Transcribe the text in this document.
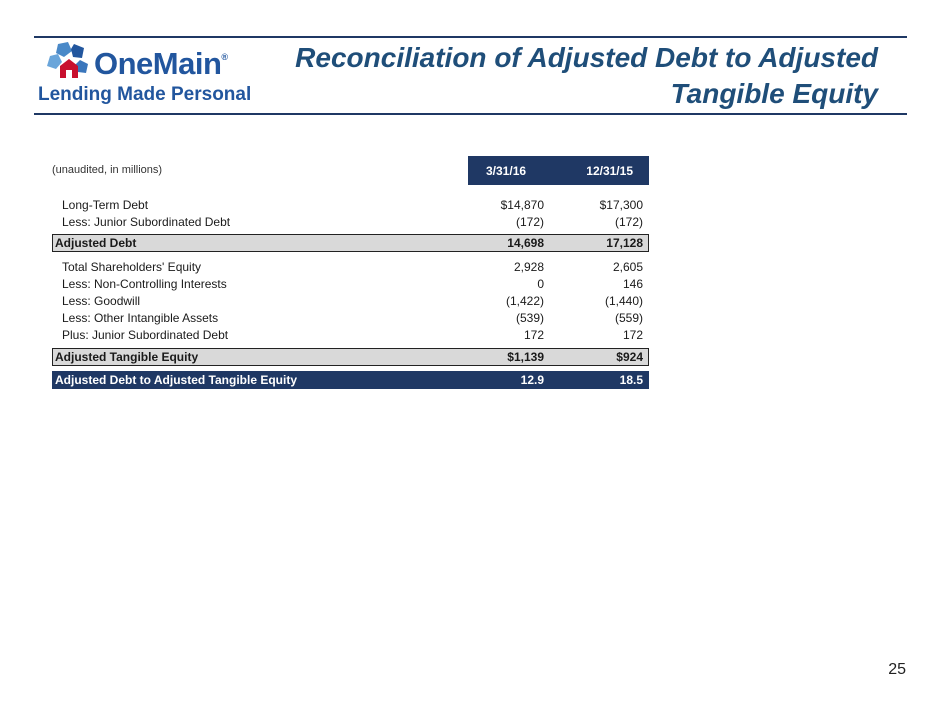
OneMain®
Lending Made Personal
Reconciliation of Adjusted Debt to Adjusted Tangible Equity
(unaudited, in millions)	3/31/16	12/31/15
Long-Term Debt	$14,870	$17,300
Less: Junior Subordinated Debt	(172)	(172)
Adjusted Debt	14,698	17,128
Total Shareholders' Equity	2,928	2,605
Less: Non-Controlling Interests	0	146
Less: Goodwill	(1,422)	(1,440)
Less: Other Intangible Assets	(539)	(559)
Plus: Junior Subordinated Debt	172	172
Adjusted Tangible Equity	$1,139	$924
Adjusted Debt to Adjusted Tangible Equity	12.9	18.5
25
